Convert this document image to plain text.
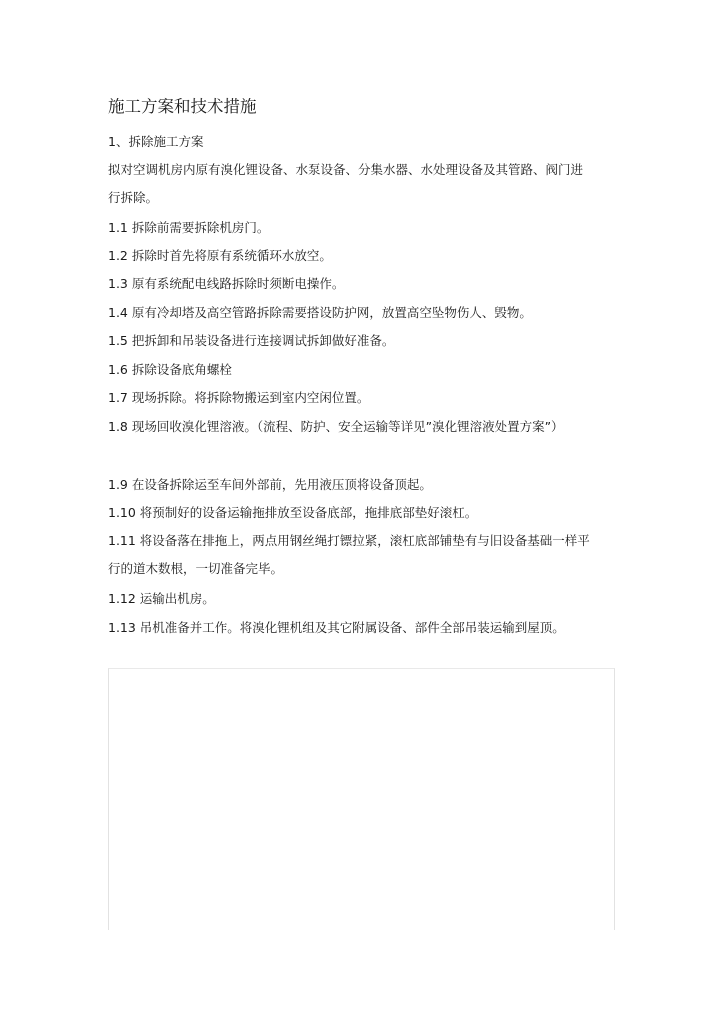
施工方案和技术措施

1、拆除施工方案

拟对空调机房内原有溴化锂设备、水泵设备、分集水器、水处理设备及其管路、阀门进行拆除。

1.1 拆除前需要拆除机房门。

1.2 拆除时首先将原有系统循环水放空。

1.3 原有系统配电线路拆除时须断电操作。

1.4 原有冷却塔及高空管路拆除需要搭设防护网，放置高空坠物伤人、毁物。

1.5 把拆卸和吊装设备进行连接调试拆卸做好准备。

1.6 拆除设备底角螺栓

1.7 现场拆除。将拆除物搬运到室内空闲位置。

1.8 现场回收溴化锂溶液。（流程、防护、安全运输等详见”溴化锂溶液处置方案”）

1.9 在设备拆除运至车间外部前，先用液压顶将设备顶起。

1.10 将预制好的设备运输拖排放至设备底部，拖排底部垫好滚杠。

1.11 将设备落在排拖上，两点用钢丝绳打镖拉紧，滚杠底部铺垫有与旧设备基础一样平行的道木数根，一切准备完毕。

1.12 运输出机房。

1.13 吊机准备并工作。将溴化锂机组及其它附属设备、部件全部吊装运输到屋顶。
